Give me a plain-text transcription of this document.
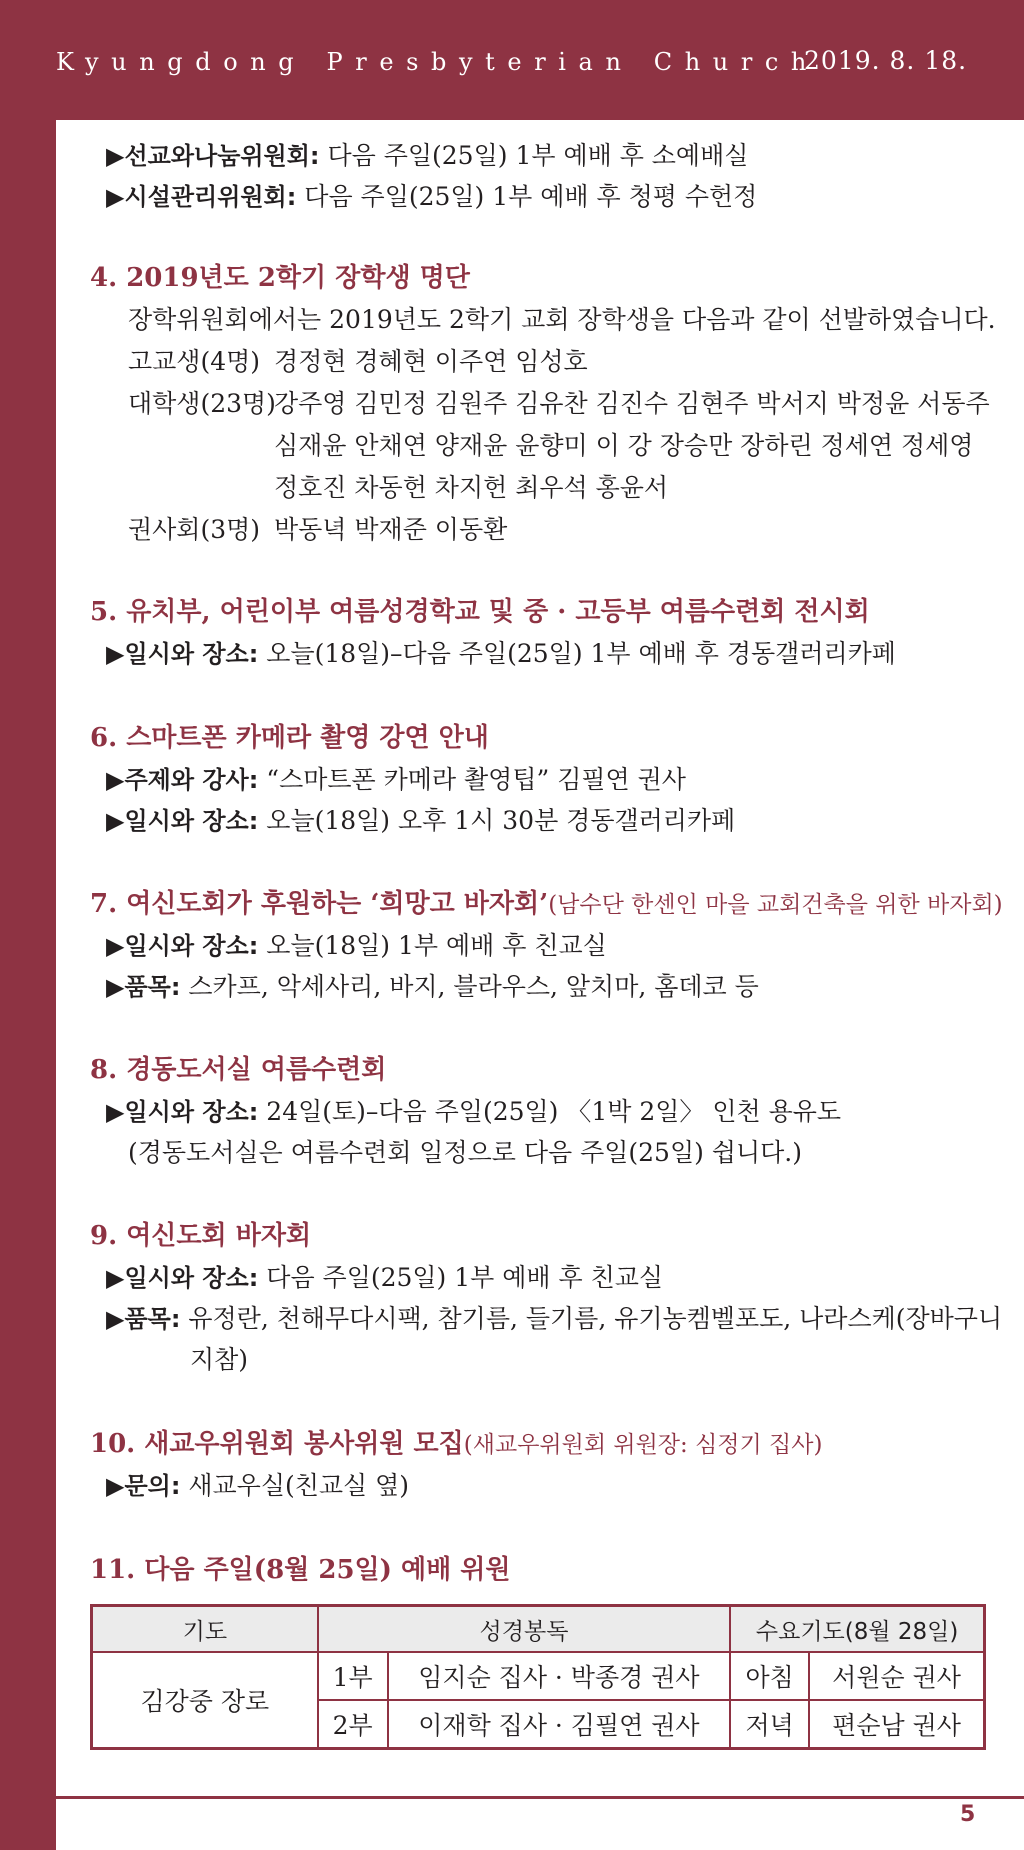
Kyungdong Presbyterian Church
2019. 8. 18.
▶선교와나눔위원회: 다음 주일(25일) 1부 예배 후 소예배실
▶시설관리위원회: 다음 주일(25일) 1부 예배 후 청평 수헌정
4. 2019년도 2학기 장학생 명단
장학위원회에서는 2019년도 2학기 교회 장학생을 다음과 같이 선발하였습니다.
고교생(4명) 경정현 경혜현 이주연 임성호
대학생(23명)
강주영 김민정 김원주 김유찬 김진수 김현주 박서지 박정윤 서동주
심재윤 안채연 양재윤 윤향미 이 강 장승만 장하린 정세연 정세영
정호진 차동헌 차지헌 최우석 홍윤서
권사회(3명) 박동녁 박재준 이동환
5. 유치부, 어린이부 여름성경학교 및 중 · 고등부 여름수련회 전시회
▶일시와 장소: 오늘(18일)–다음 주일(25일) 1부 예배 후 경동갤러리카페
6. 스마트폰 카메라 촬영 강연 안내
▶주제와 강사: “스마트폰 카메라 촬영팁” 김필연 권사
▶일시와 장소: 오늘(18일) 오후 1시 30분 경동갤러리카페
7. 여신도회가 후원하는 ‘희망고 바자회’(남수단 한센인 마을 교회건축을 위한 바자회)
▶일시와 장소: 오늘(18일) 1부 예배 후 친교실
▶품목: 스카프, 악세사리, 바지, 블라우스, 앞치마, 홈데코 등
8. 경동도서실 여름수련회
▶일시와 장소: 24일(토)–다음 주일(25일) 〈1박 2일〉 인천 용유도
(경동도서실은 여름수련회 일정으로 다음 주일(25일) 쉽니다.)
9. 여신도회 바자회
▶일시와 장소: 다음 주일(25일) 1부 예배 후 친교실
▶품목: 유정란, 천해무다시팩, 참기름, 들기름, 유기농켐벨포도, 나라스케(장바구니
지참)
10. 새교우위원회 봉사위원 모집(새교우위원회 위원장: 심정기 집사)
▶문의: 새교우실(친교실 옆)
11. 다음 주일(8월 25일) 예배 위원
기도	성경봉독		수요기도(8월 28일)	
김강중 장로	1부	임지순 집사 · 박종경 권사	아침	서원순 권사
	2부	이재학 집사 · 김필연 권사	저녁	편순남 권사
5
